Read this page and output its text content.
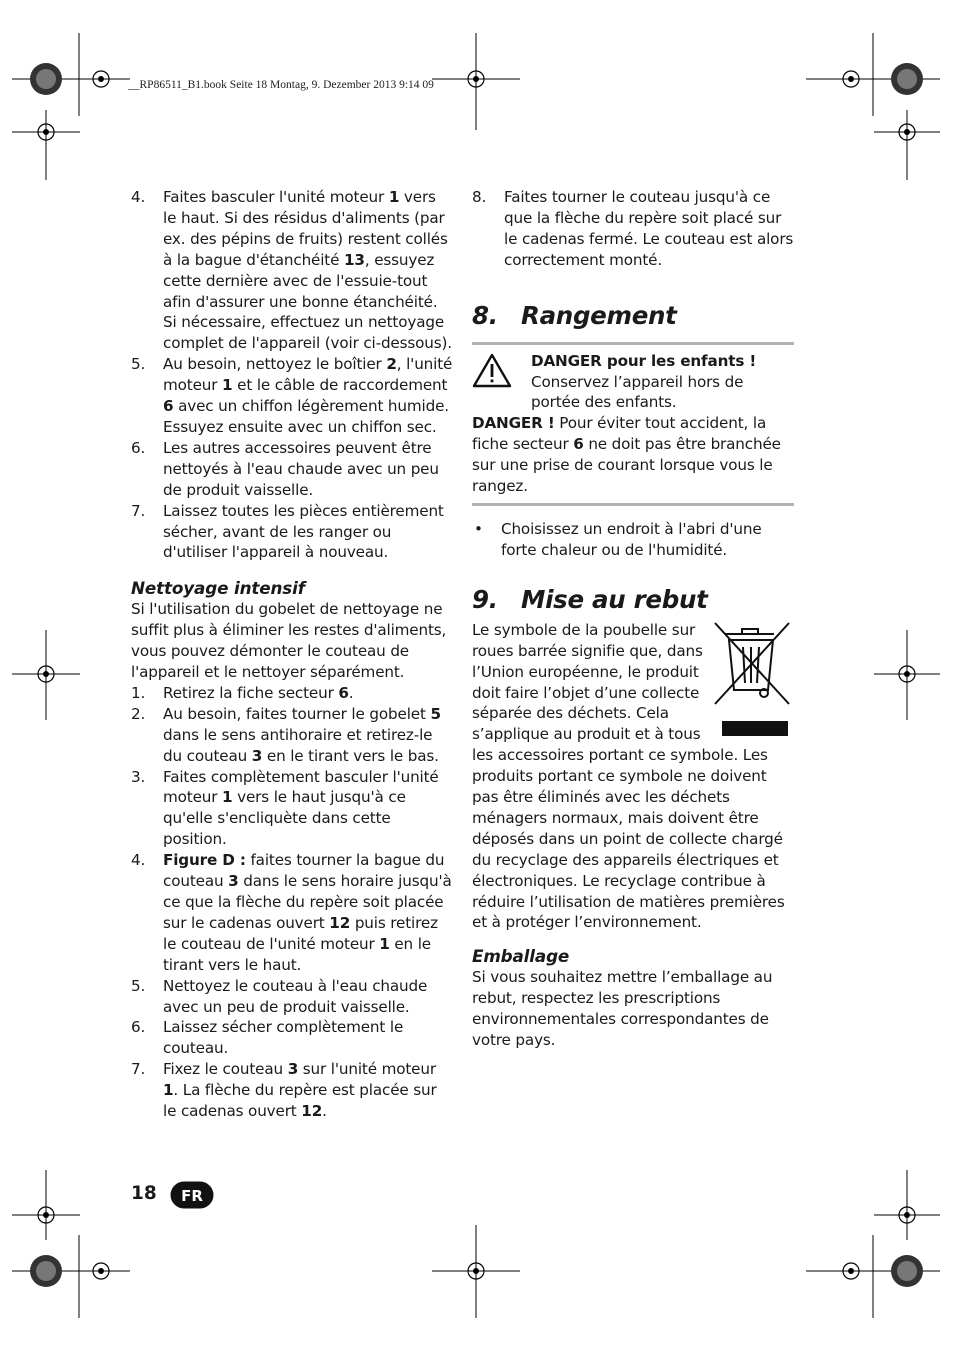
__RP86511_B1.book Seite 18 Montag, 9. Dezember 2013 9:14 09
4.	Faites basculer l'unité moteur 1 vers le haut. Si des résidus d'aliments (par ex. des pépins de fruits) restent collés à la bague d'étanchéité 13, essuyez cette dernière avec de l'essuie-tout afin d'assurer une bonne étanchéité. Si nécessaire, effectuez un nettoyage complet de l'appareil (voir ci-dessous).
5.	Au besoin, nettoyez le boîtier 2, l'unité moteur 1 et le câble de raccordement 6 avec un chiffon légèrement humide. Essuyez ensuite avec un chiffon sec.
6.	Les autres accessoires peuvent être nettoyés à l'eau chaude avec un peu de produit vaisselle.
7.	Laissez toutes les pièces entièrement sécher, avant de les ranger ou d'utiliser l'appareil à nouveau.
Nettoyage intensif
Si l'utilisation du gobelet de nettoyage ne suffit plus à éliminer les restes d'aliments, vous pouvez démonter le couteau de l'appareil et le nettoyer séparément.
1.	Retirez la fiche secteur 6.
2.	Au besoin, faites tourner le gobelet 5 dans le sens antihoraire et retirez-le du couteau 3 en le tirant vers le bas.
3.	Faites complètement basculer l'unité moteur 1 vers le haut jusqu'à ce qu'elle s'encliquète dans cette position.
4.	Figure D : faites tourner la bague du couteau 3 dans le sens horaire jusqu'à ce que la flèche du repère soit placée sur le cadenas ouvert 12 puis retirez le couteau de l'unité moteur 1 en le tirant vers le haut.
5.	Nettoyez le couteau à l'eau chaude avec un peu de produit vaisselle.
6.	Laissez sécher complètement le couteau.
7.	Fixez le couteau 3 sur l'unité moteur 1. La flèche du repère est placée sur le cadenas ouvert 12.
8.	Faites tourner le couteau jusqu'à ce que la flèche du repère soit placé sur le cadenas fermé. Le couteau est alors correctement monté.
8. Rangement
DANGER pour les enfants !
Conservez l’appareil hors de portée des enfants.
DANGER ! Pour éviter tout accident, la fiche secteur 6 ne doit pas être branchée sur une prise de courant lorsque vous le rangez.
•	Choisissez un endroit à l'abri d'une forte chaleur ou de l'humidité.
9. Mise au rebut
Le symbole de la poubelle sur roues barrée signifie que, dans l’Union européenne, le produit doit faire l’objet d’une collecte séparée des déchets. Cela s’applique au produit et à tous les accessoires portant ce symbole. Les produits portant ce symbole ne doivent pas être éliminés avec les déchets ménagers normaux, mais doivent être déposés dans un point de collecte chargé du recyclage des appareils électriques et électroniques. Le recyclage contribue à réduire l’utilisation de matières premières et à protéger l’environnement.
Emballage
Si vous souhaitez mettre l’emballage au rebut, respectez les prescriptions environnementales correspondantes de votre pays.
18 FR
